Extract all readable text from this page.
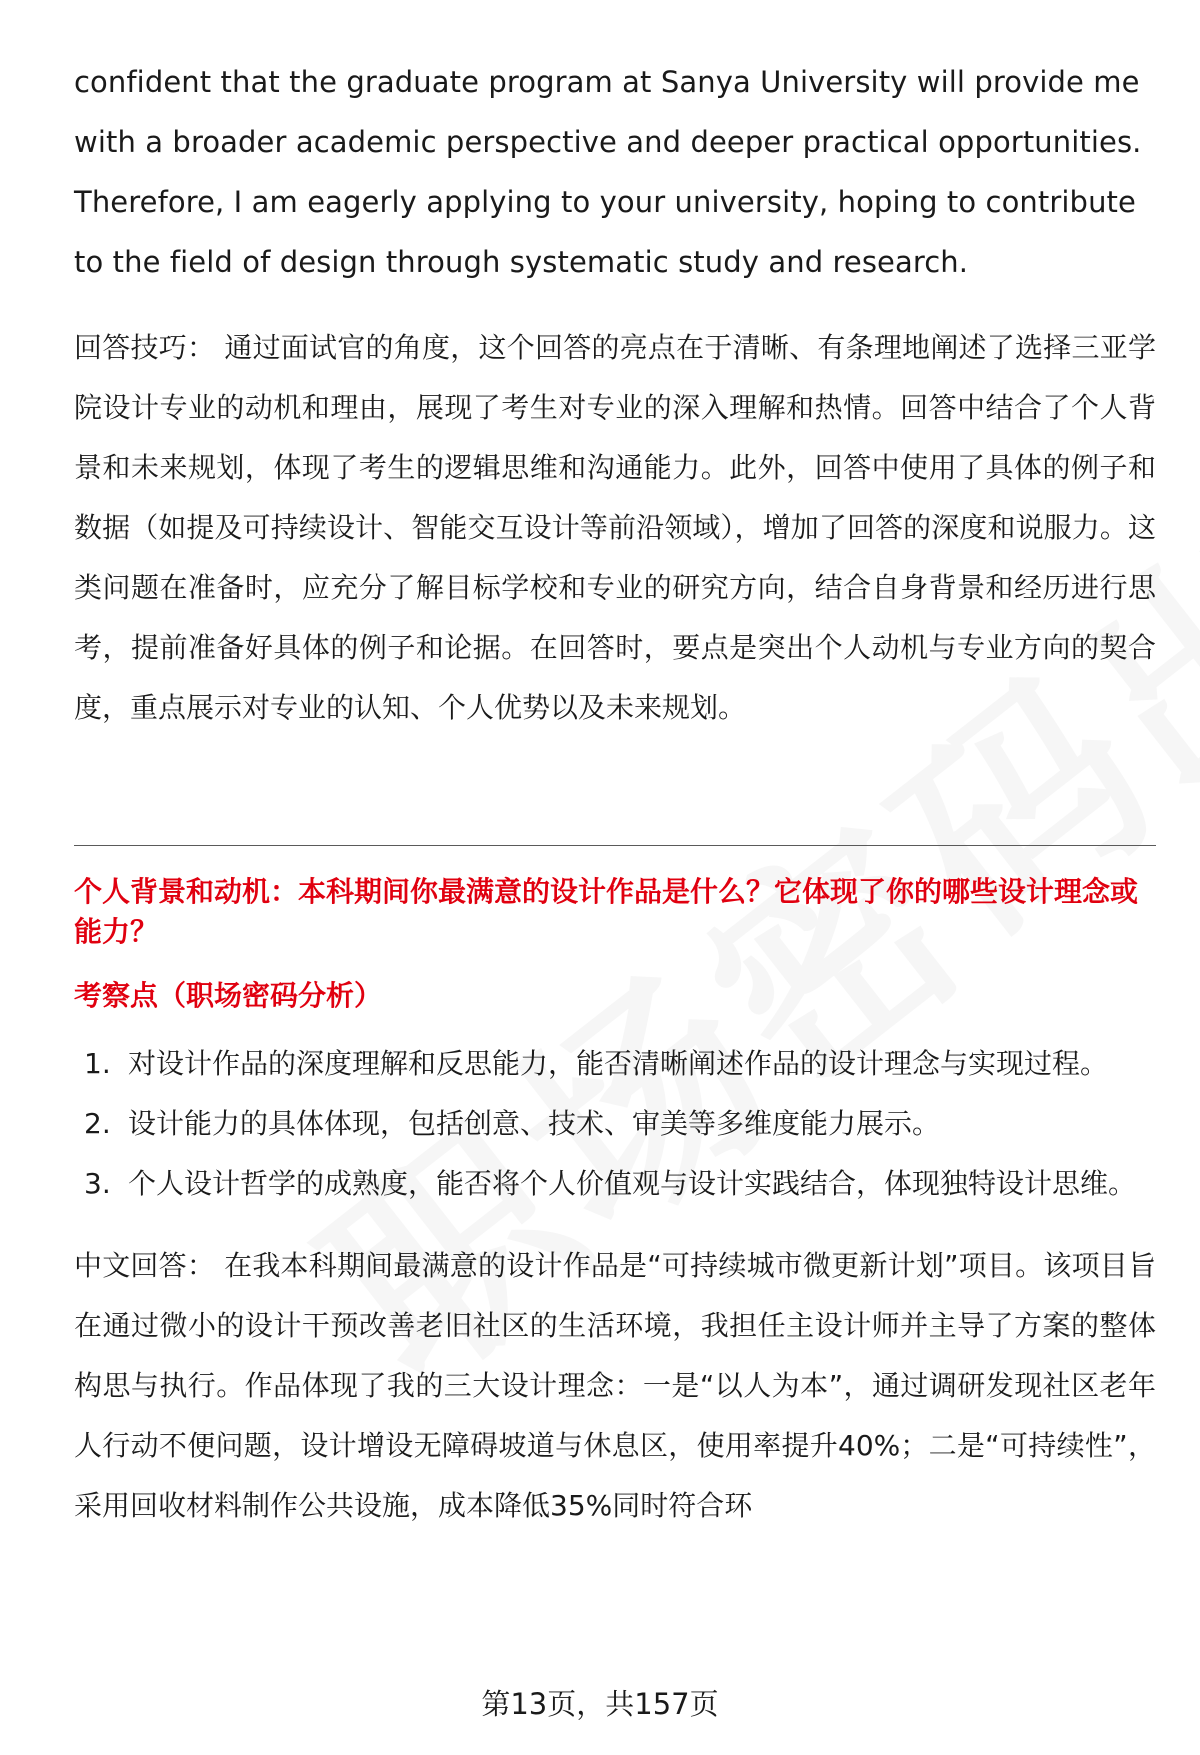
confident that the graduate program at Sanya University will provide me with a broader academic perspective and deeper practical opportunities. Therefore, I am eagerly applying to your university, hoping to contribute to the field of design through systematic study and research.

回答技巧： 通过面试官的角度，这个回答的亮点在于清晰、有条理地阐述了选择三亚学院设计专业的动机和理由，展现了考生对专业的深入理解和热情。回答中结合了个人背景和未来规划，体现了考生的逻辑思维和沟通能力。此外，回答中使用了具体的例子和数据（如提及可持续设计、智能交互设计等前沿领域），增加了回答的深度和说服力。这类问题在准备时，应充分了解目标学校和专业的研究方向，结合自身背景和经历进行思考，提前准备好具体的例子和论据。在回答时，要点是突出个人动机与专业方向的契合度，重点展示对专业的认知、个人优势以及未来规划。

个人背景和动机：本科期间你最满意的设计作品是什么？它体现了你的哪些设计理念或能力？

考察点（职场密码分析）

1. 对设计作品的深度理解和反思能力，能否清晰阐述作品的设计理念与实现过程。
2. 设计能力的具体体现，包括创意、技术、审美等多维度能力展示。
3. 个人设计哲学的成熟度，能否将个人价值观与设计实践结合，体现独特设计思维。

中文回答： 在我本科期间最满意的设计作品是“可持续城市微更新计划”项目。该项目旨在通过微小的设计干预改善老旧社区的生活环境，我担任主设计师并主导了方案的整体构思与执行。作品体现了我的三大设计理念：一是“以人为本”，通过调研发现社区老年人行动不便问题，设计增设无障碍坡道与休息区，使用率提升40%；二是“可持续性”，采用回收材料制作公共设施，成本降低35%同时符合环

第13页，共157页
